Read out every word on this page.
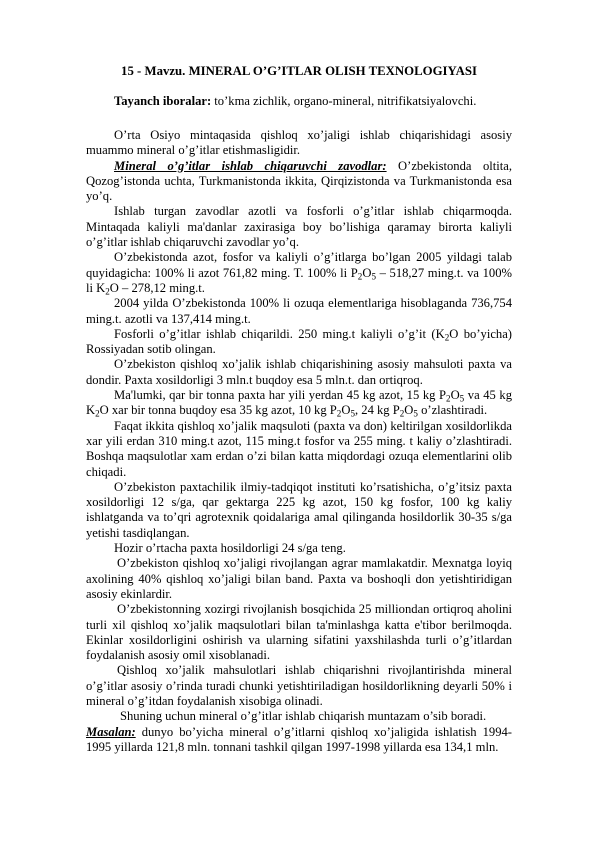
15 - Mavzu. MINERAL O’G’ITLAR OLISH TEXNOLOGIYASI
Tayanch iboralar: to’kma zichlik, organo-mineral, nitrifikatsiyalovchi.

O’rta Osiyo mintaqasida qishloq xo’jaligi ishlab chiqarishidagi asosiy muammo mineral o’g’itlar etishmasligidir.

Mineral o’g’itlar ishlab chiqaruvchi zavodlar: O’zbekistonda oltita, Qozog’istonda uchta, Turkmanistonda ikkita, Qirqizistonda va Turkmanistonda esa yo’q.

Ishlab turgan zavodlar azotli va fosforli o’g’itlar ishlab chiqarmoqda. Mintaqada kaliyli ma'danlar zaxirasiga boy bo’lishiga qaramay birorta kaliyli o’g’itlar ishlab chiqaruvchi zavodlar yo’q.

O’zbekistonda azot, fosfor va kaliyli o’g’itlarga bo’lgan 2005 yildagi talab quyidagicha: 100% li azot 761,82 ming. T. 100% li $P_2O_5 - 518,27$ ming.t. va 100% li $K_2O - 278,12$ ming.t.

2004 yilda O’zbekistonda 100% li ozuqa elementlariga hisoblaganda 736,754 ming.t. azotli va 137,414 ming.t.

Fosforli o’g’itlar ishlab chiqarildi. 250 ming.t kaliyli o’g’it ($K_2O$ bo’yicha) Rossiyadan sotib olingan.

O’zbekiston qishloq xo’jalik ishlab chiqarishining asosiy mahsuloti paxta va dondir. Paxta xosildorligi 3 mln.t buqdoy esa 5 mln.t. dan ortiqroq.

Ma'lumki, qar bir tonna paxta har yili yerdan 45 kg azot, 15 kg $P_2O_5$ va 45 kg $K_2O$ xar bir tonna buqdoy esa 35 kg azot, 10 kg $P_2O_5$, 24 kg $P_2O_5$ o’zlashtiradi.

Faqat ikkita qishloq xo’jalik maqsuloti (paxta va don) keltirilgan xosildorlikda xar yili erdan 310 ming.t azot, 115 ming.t fosfor va 255 ming. t kaliy o’zlashtiradi. Boshqa maqsulotlar xam erdan o’zi bilan katta miqdordagi ozuqa elementlarini olib chiqadi.

O’zbekiston paxtachilik ilmiy-tadqiqot instituti ko’rsatishicha, o’g’itsiz paxta xosildorligi 12 s/ga, qar gektarga 225 kg azot, 150 kg fosfor, 100 kg kaliy ishlatganda va to’qri agrotexnik qoidalariga amal qilinganda hosildorlik 30-35 s/ga yetishi tasdiqlangan.

Hozir o’rtacha paxta hosildorligi 24 s/ga teng.

O’zbekiston qishloq xo’jaligi rivojlangan agrar mamlakatdir. Mexnatga loyiq axolining 40% qishloq xo’jaligi bilan band. Paxta va boshoqli don yetishtiridigan asosiy ekinlardir.

O’zbekistonning xozirgi rivojlanish bosqichida 25 milliondan ortiqroq aholini turli xil qishloq xo’jalik maqsulotlari bilan ta'minlashga katta e'tibor berilmoqda. Ekinlar xosildorligini oshirish va ularning sifatini yaxshilashda turli o’g’itlardan foydalanish asosiy omil xisoblanadi.

Qishloq xo’jalik mahsulotlari ishlab chiqarishni rivojlantirishda mineral o’g’itlar asosiy o’rinda turadi chunki yetishtiriladigan hosildorlikning deyarli 50% i mineral o’g’itdan foydalanish xisobiga olinadi.

Shuning uchun mineral o’g’itlar ishlab chiqarish muntazam o’sib boradi.

Masalan: dunyo bo’yicha mineral o’g’itlarni qishloq xo’jaligida ishlatish 1994-1995 yillarda 121,8 mln. tonnani tashkil qilgan 1997-1998 yillarda esa 134,1 mln.
